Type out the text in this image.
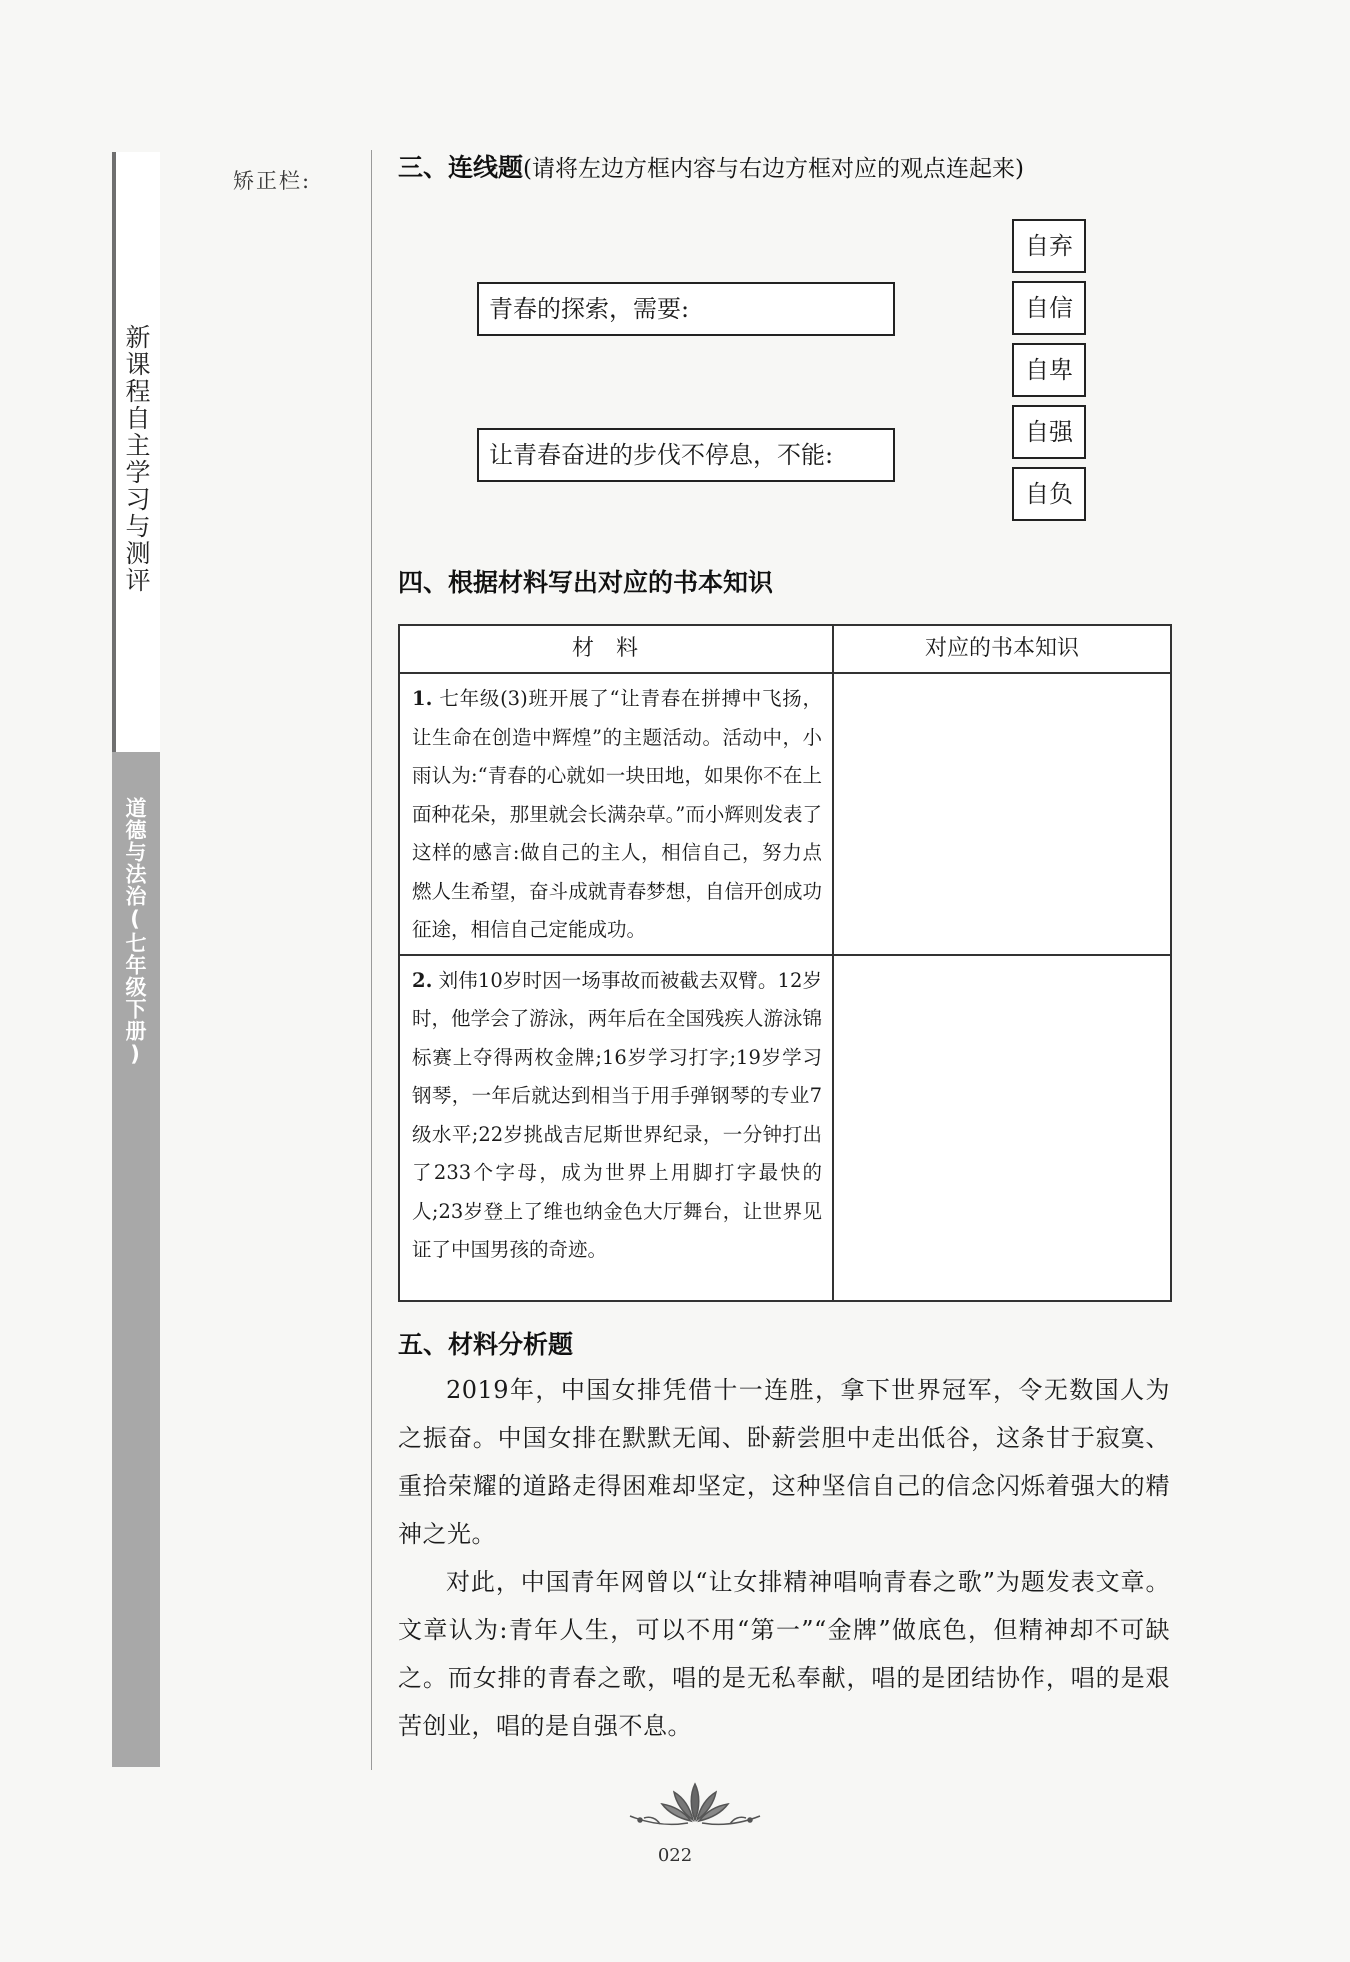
新课程自主学习与测评
道德与法治(七年级下册)
矫正栏:	三、连线题(请将左边方框内容与右边方框对应的观点连起来)
青春的探索，需要:
让青春奋进的步伐不停息，不能:
自弃
自信
自卑
自强
自负
四、根据材料写出对应的书本知识
材料	对应的书本知识
1. 七年级(3)班开展了“让青春在拼搏中飞扬，让生命在创造中辉煌”的主题活动。活动中，小雨认为:“青春的心就如一块田地，如果你不在上面种花朵，那里就会长满杂草。”而小辉则发表了这样的感言:做自己的主人，相信自己，努力点燃人生希望，奋斗成就青春梦想，自信开创成功征途，相信自己定能成功。	
2. 刘伟10岁时因一场事故而被截去双臂。12岁时，他学会了游泳，两年后在全国残疾人游泳锦标赛上夺得两枚金牌;16岁学习打字;19岁学习钢琴，一年后就达到相当于用手弹钢琴的专业7级水平;22岁挑战吉尼斯世界纪录，一分钟打出了233个字母，成为世界上用脚打字最快的人;23岁登上了维也纳金色大厅舞台，让世界见证了中国男孩的奇迹。	
五、材料分析题
2019年，中国女排凭借十一连胜，拿下世界冠军，令无数国人为之振奋。中国女排在默默无闻、卧薪尝胆中走出低谷，这条甘于寂寞、重拾荣耀的道路走得困难却坚定，这种坚信自己的信念闪烁着强大的精神之光。
对此，中国青年网曾以“让女排精神唱响青春之歌”为题发表文章。文章认为:青年人生，可以不用“第一”“金牌”做底色，但精神却不可缺之。而女排的青春之歌，唱的是无私奉献，唱的是团结协作，唱的是艰苦创业，唱的是自强不息。
022
